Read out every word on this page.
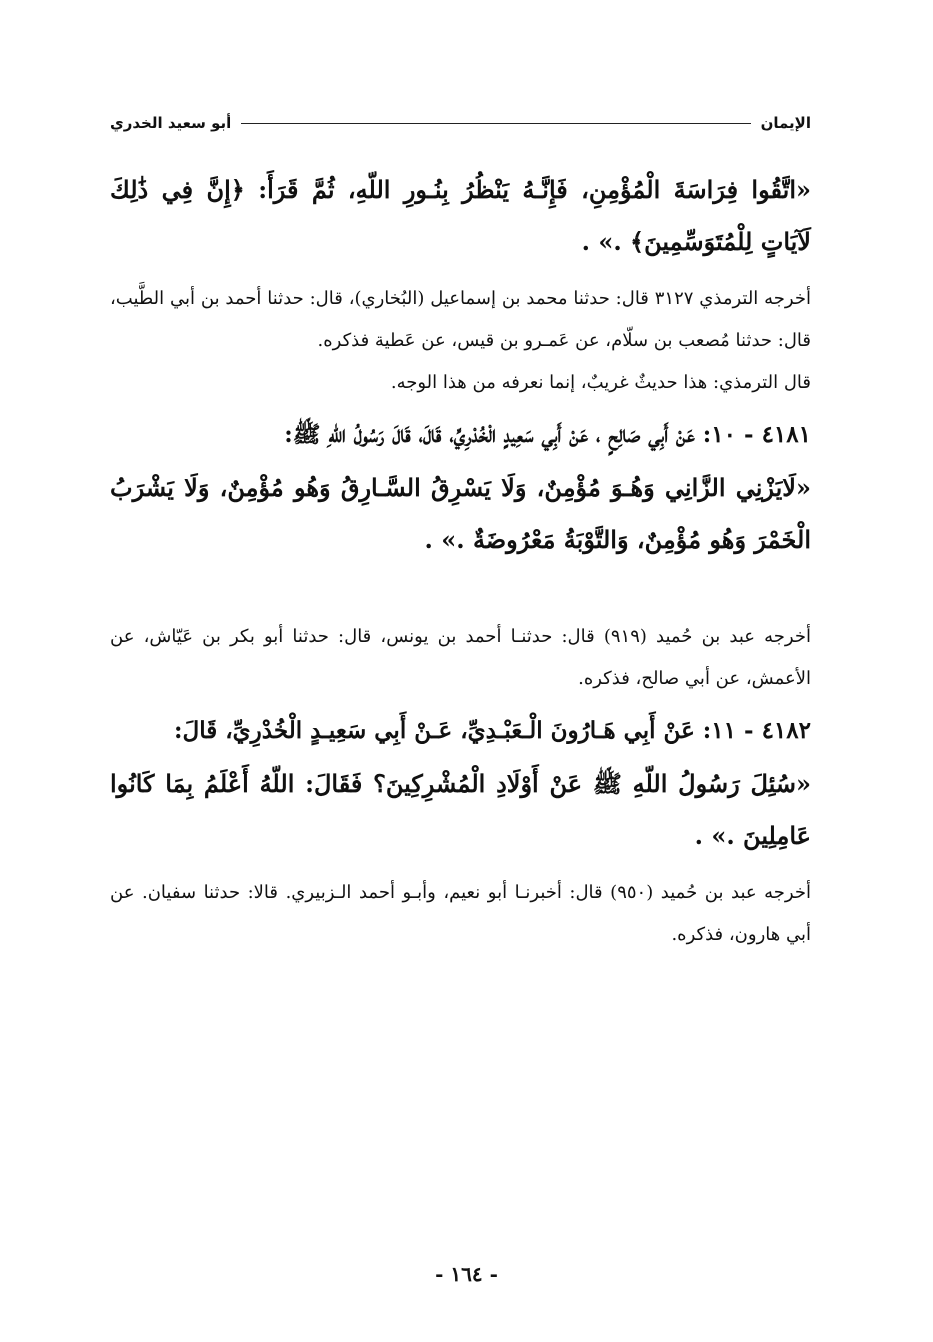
الإيمان
أبو سعيد الخدري

«اتَّقُوا فِرَاسَةَ الْمُؤْمِنِ، فَإِنَّـهُ يَنْظُرُ بِنُـورِ اللّهِ، ثُمَّ قَرَأَ: ﴿إِنَّ فِي ذَٰلِكَ لَآيَاتٍ لِلْمُتَوَسِّمِينَ﴾ .» .

أخرجه الترمذي ٣١٢٧ قال: حدثنا محمد بن إسماعيل (البُخاري)، قال: حدثنا أحمد بن أبي الطَّيب، قال: حدثنا مُصعب بن سلّام، عن عَمـرو بن قيس، عن عَطية فذكره.

قال الترمذي: هذا حديثٌ غريبٌ، إنما نعرفه من هذا الوجه.

٤١٨١ - ١٠: عَنْ أَبِي صَالِحٍ ، عَنْ أَبِي سَعِيدٍ الْخُدْرِيِّ، قَالَ، قَالَ رَسُولُ اللّهِ ﷺ:

«لَايَزْنِي الزَّانِي وَهُـوَ مُؤْمِنٌ، وَلَا يَسْرِقُ السَّـارِقُ وَهُو مُؤْمِنٌ، وَلَا يَشْرَبُ الْخَمْرَ وَهُو مُؤْمِنٌ، وَالتَّوْبَةُ مَعْرُوضَةٌ .» .

أخرجه عبد بن حُميد (٩١٩) قال: حدثنـا أحمد بن يونس، قال: حدثنا أبو بكر بن عَيّاش، عن الأعمش، عن أبي صالح، فذكره.

٤١٨٢ - ١١: عَنْ أَبِي هَـارُونَ الْـعَبْـدِيِّ، عَـنْ أَبِي سَعِيـدٍ الْخُدْرِيِّ، قَالَ:

«سُئِلَ رَسُولُ اللّهِ ﷺ عَنْ أَوْلَادِ الْمُشْرِكِينَ؟ فَقَالَ: اللّهُ أَعْلَمُ بِمَا كَانُوا عَامِلِينَ .» .

أخرجه عبد بن حُميد (٩٥٠) قال: أخبرنـا أبو نعيم، وأبـو أحمد الـزبيري. قالا: حدثنا سفيان. عن أبي هارون، فذكره.

- ١٦٤ -
